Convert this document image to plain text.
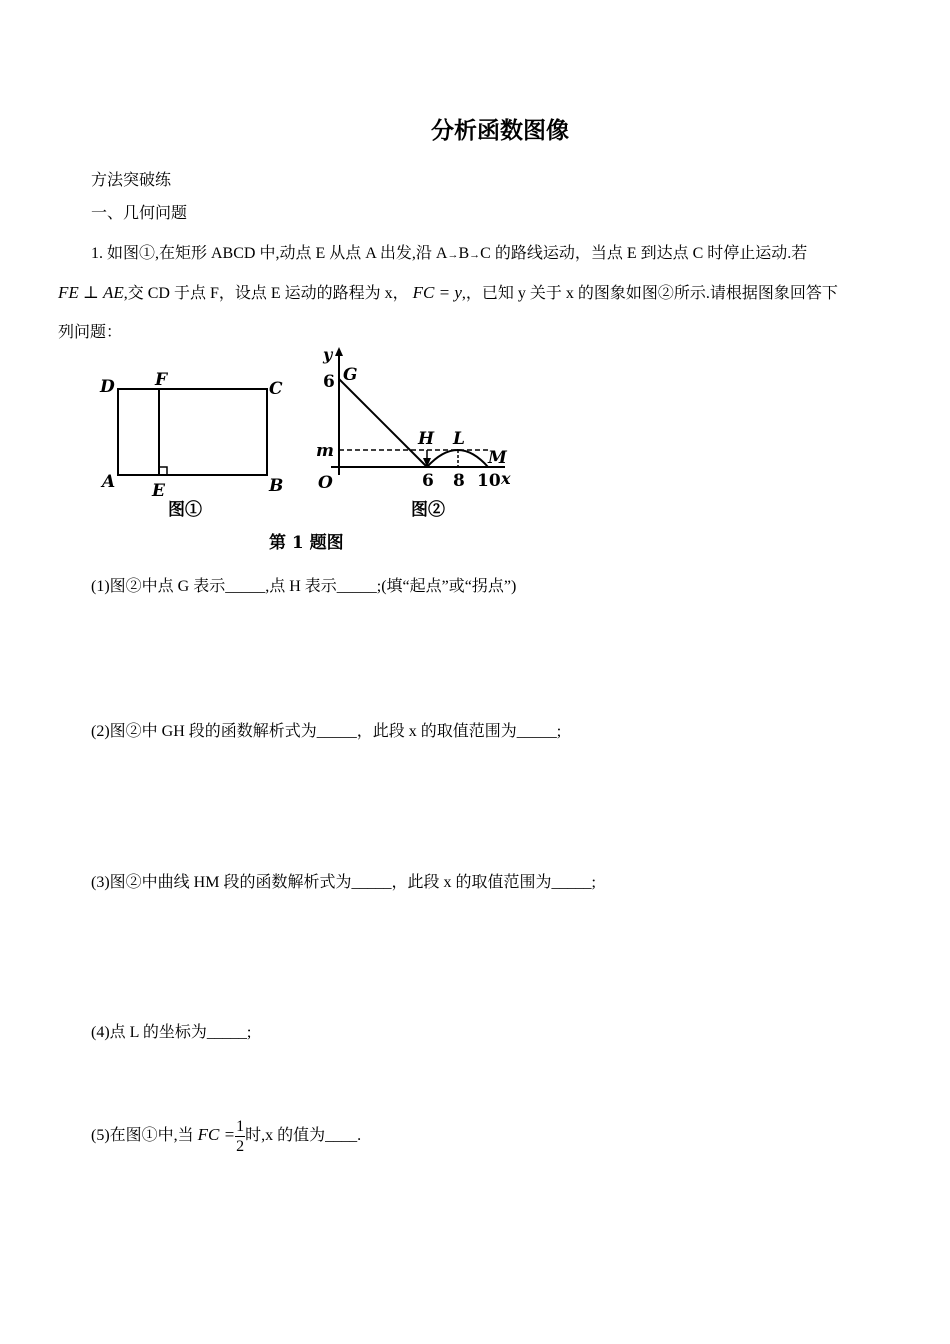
分析函数图像
方法突破练
一、几何问题
1. 如图①,在矩形 ABCD 中,动点 E 从点 A 出发,沿 A→B→C 的路线运动，当点 E 到达点 C 时停止运动.若
FE ⊥ AE,交 CD 于点 F，设点 E 运动的路程为 x， FC = y,，已知 y 关于 x 的图象如图②所示.请根据图象回答下
列问题：
D F	C
A E	B
图①
y
6 G
m
H L
M
O	6 8 10 x
图②
第 1 题图
(1)图②中点 G 表示_____,点 H 表示_____;(填“起点”或“拐点”)
(2)图②中 GH 段的函数解析式为_____，此段 x 的取值范围为_____;
(3)图②中曲线 HM 段的函数解析式为_____，此段 x 的取值范围为_____;
(4)点 L 的坐标为_____;
(5)在图①中,当 FC = $\frac{1}{2}$ 时,x 的值为____.
